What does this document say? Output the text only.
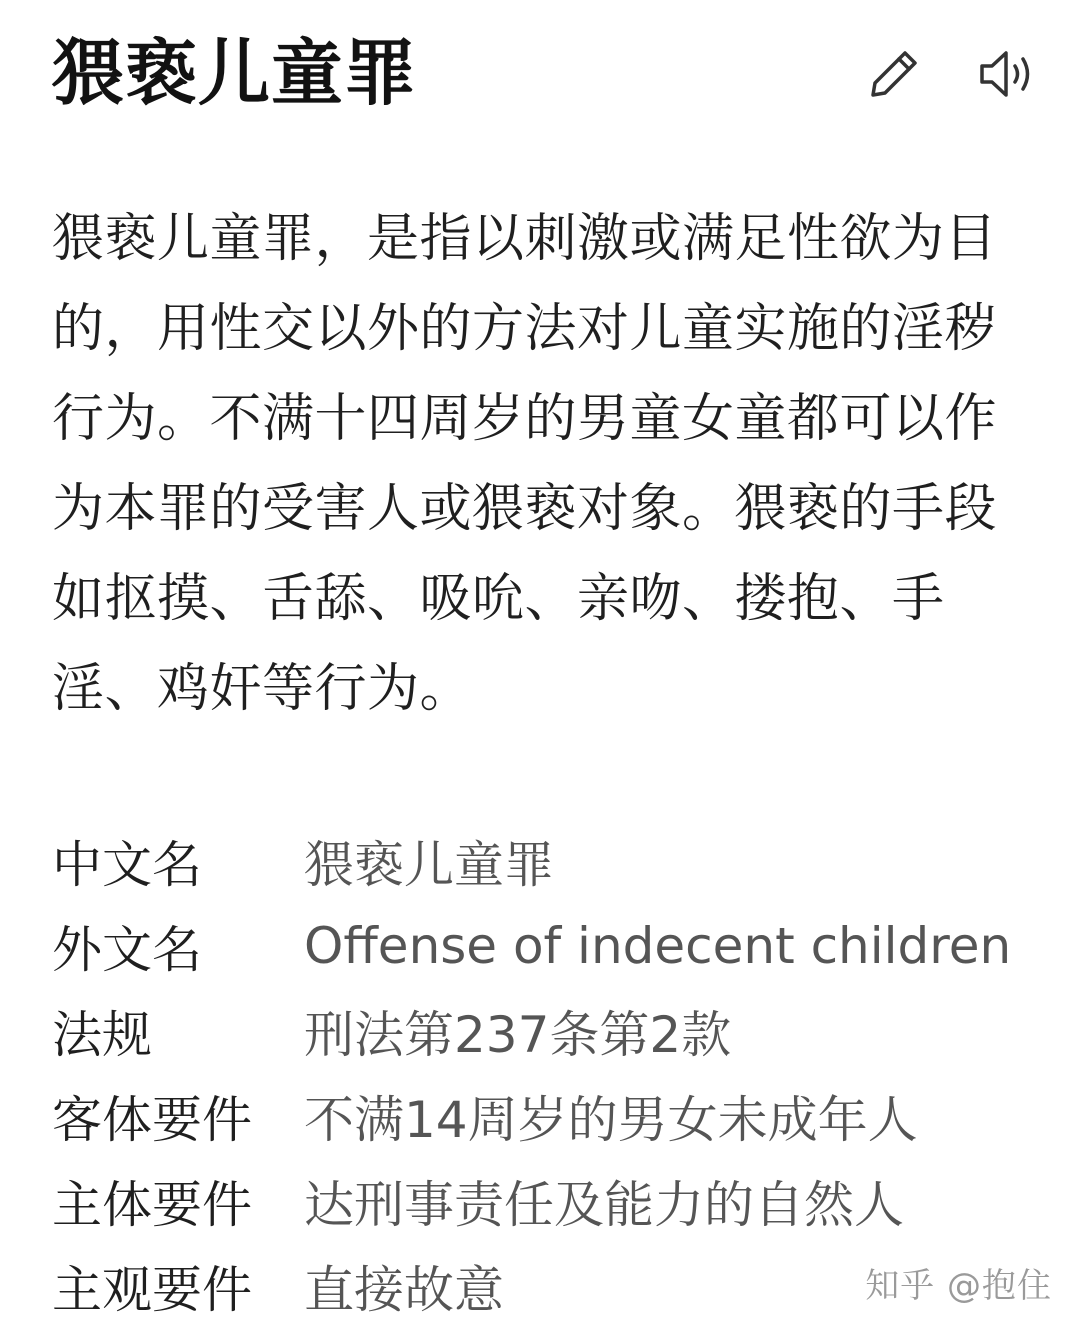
猥亵儿童罪

猥亵儿童罪，是指以刺激或满足性欲为目的，用性交以外的方法对儿童实施的淫秽行为。不满十四周岁的男童女童都可以作为本罪的受害人或猥亵对象。猥亵的手段如抠摸、舌舔、吸吮、亲吻、搂抱、手淫、鸡奸等行为。

中文名	猥亵儿童罪
外文名	Offense of indecent children
法规	刑法第237条第2款
客体要件	不满14周岁的男女未成年人
主体要件	达刑事责任及能力的自然人
主观要件	直接故意	知乎 @抱住
